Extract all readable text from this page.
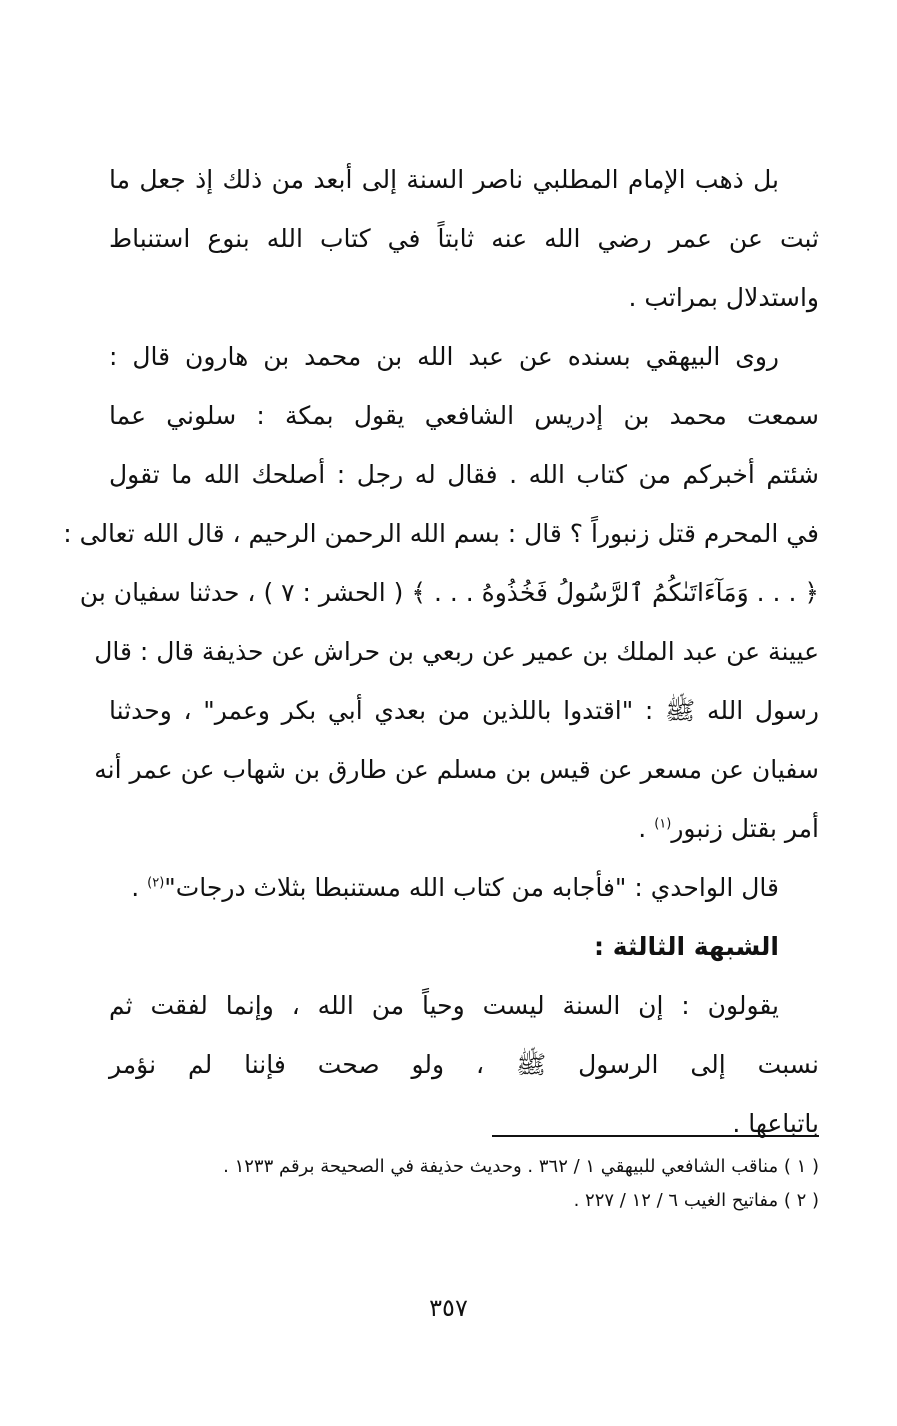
بل ذهب الإمام المطلبي ناصر السنة إلى أبعد من ذلك إذ جعل ما
ثبت عن عمر رضي الله عنه ثابتاً في كتاب الله بنوع استنباط
واستدلال بمراتب .
روى البيهقي بسنده عن عبد الله بن محمد بن هارون قال :
سمعت محمد بن إدريس الشافعي يقول بمكة : سلوني عما
شئتم أخبركم من كتاب الله . فقال له رجل : أصلحك الله ما تقول
في المحرم قتل زنبوراً ؟ قال : بسم الله الرحمن الرحيم ، قال الله تعالى :
﴿ . . . وَمَآءَاتَىٰكُمُ ٱلرَّسُولُ فَخُذُوهُ . . . ﴾ ( الحشر : ٧ ) ، حدثنا سفيان بن
عيينة عن عبد الملك بن عمير عن ربعي بن حراش عن حذيفة قال : قال
رسول الله ﷺ : "اقتدوا باللذين من بعدي أبي بكر وعمر" ، وحدثنا
سفيان عن مسعر عن قيس بن مسلم عن طارق بن شهاب عن عمر أنه
أمر بقتل زنبور$^{(١)}$ .
قال الواحدي : "فأجابه من كتاب الله مستنبطا بثلاث درجات"$^{(٢)}$ .
الشبهة الثالثة :
يقولون : إن السنة ليست وحياً من الله ، وإنما لفقت ثم
نسبت إلى الرسول ﷺ ، ولو صحت فإننا لم نؤمر
باتباعها .
( ١ ) مناقب الشافعي للبيهقي ١ / ٣٦٢ . وحديث حذيفة في الصحيحة برقم ١٢٣٣ .
( ٢ ) مفاتيح الغيب ٦ / ١٢ / ٢٢٧ .
٣٥٧
